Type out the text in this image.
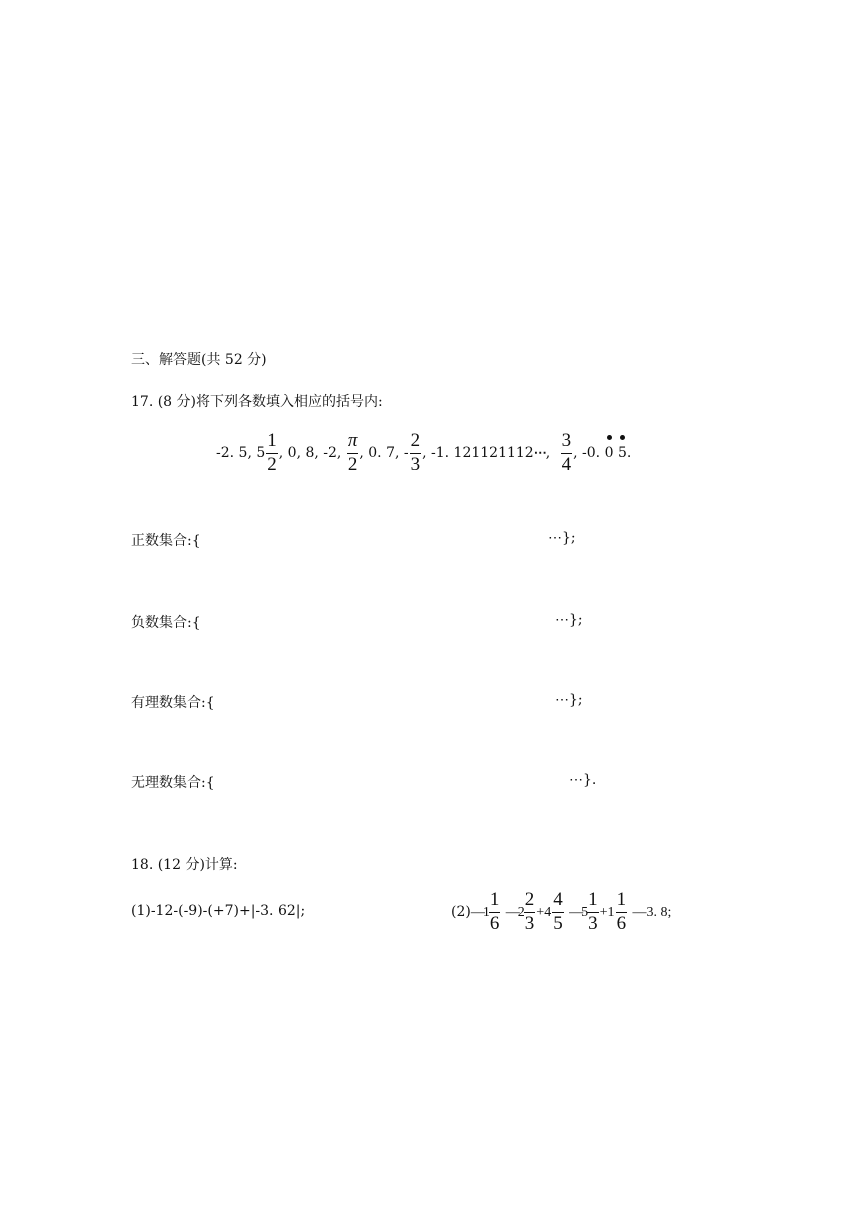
三、解答题(共 52 分)
17. (8 分)将下列各数填入相应的括号内:
-2. 5, $5 \frac{1}{2}$ , 0, 8, -2, $\frac{\pi}{2}$ , 0. 7, - $\frac{2}{3}$ , -1. 121121112⋯, $\frac{3}{4}$ , -0. 0 5.
正数集合:{	⋯};
负数集合:{	⋯};
有理数集合:{	⋯};
无理数集合:{	⋯}.
18. (12 分)计算:
(1)-12-(-9)-(+7)+|-3. 62|;	(2)—1 $\frac{1}{6}$ —2 $\frac{2}{3} +4 \frac{4}{5}$ —5 $\frac{1}{3} +1 \frac{1}{6}$ —3. 8;
